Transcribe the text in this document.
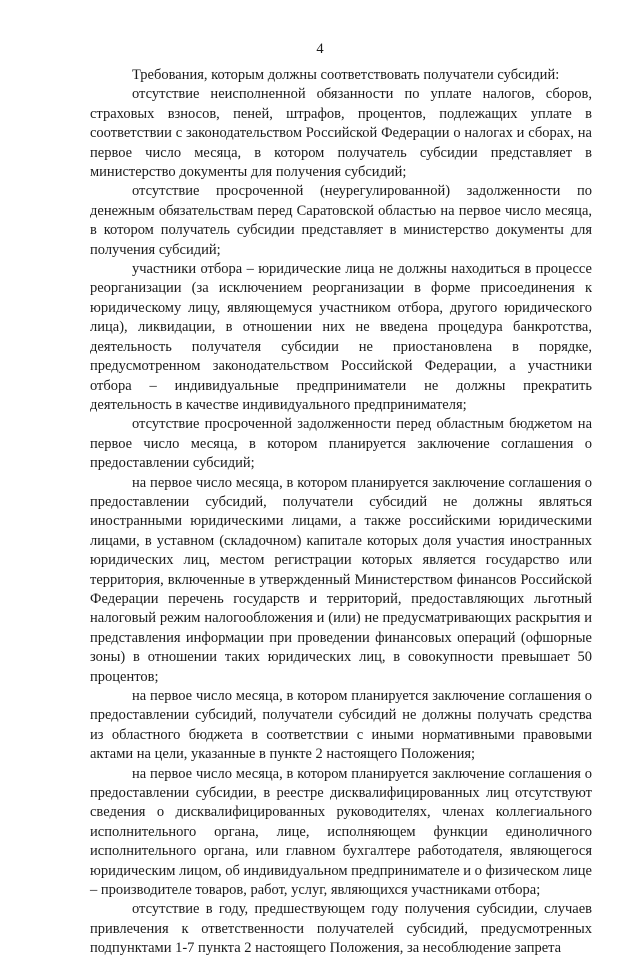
4

Требования, которым должны соответствовать получатели субсидий:

отсутствие неисполненной обязанности по уплате налогов, сборов, страховых взносов, пеней, штрафов, процентов, подлежащих уплате в соответствии с законодательством Российской Федерации о налогах и сборах, на первое число месяца, в котором получатель субсидии представляет в министерство документы для получения субсидий;

отсутствие просроченной (неурегулированной) задолженности по денежным обязательствам перед Саратовской областью на первое число месяца, в котором получатель субсидии представляет в министерство документы для получения субсидий;

участники отбора – юридические лица не должны находиться в процессе реорганизации (за исключением реорганизации в форме присоединения к юридическому лицу, являющемуся участником отбора, другого юридического лица), ликвидации, в отношении них не введена процедура банкротства, деятельность получателя субсидии не приостановлена в порядке, предусмотренном законодательством Российской Федерации, а участники отбора – индивидуальные предприниматели не должны прекратить деятельность в качестве индивидуального предпринимателя;

отсутствие просроченной задолженности перед областным бюджетом на первое число месяца, в котором планируется заключение соглашения о предоставлении субсидий;

на первое число месяца, в котором планируется заключение соглашения о предоставлении субсидий, получатели субсидий не должны являться иностранными юридическими лицами, а также российскими юридическими лицами, в уставном (складочном) капитале которых доля участия иностранных юридических лиц, местом регистрации которых является государство или территория, включенные в утвержденный Министерством финансов Российской Федерации перечень государств и территорий, предоставляющих льготный налоговый режим налогообложения и (или) не предусматривающих раскрытия и представления информации при проведении финансовых операций (офшорные зоны) в отношении таких юридических лиц, в совокупности превышает 50 процентов;

на первое число месяца, в котором планируется заключение соглашения о предоставлении субсидий, получатели субсидий не должны получать средства из областного бюджета в соответствии с иными нормативными правовыми актами на цели, указанные в пункте 2 настоящего Положения;

на первое число месяца, в котором планируется заключение соглашения о предоставлении субсидии, в реестре дисквалифицированных лиц отсутствуют сведения о дисквалифицированных руководителях, членах коллегиального исполнительного органа, лице, исполняющем функции единоличного исполнительного органа, или главном бухгалтере работодателя, являющегося юридическим лицом, об индивидуальном предпринимателе и о физическом лице – производителе товаров, работ, услуг, являющихся участниками отбора;

отсутствие в году, предшествующем году получения субсидии, случаев привлечения к ответственности получателей субсидий, предусмотренных подпунктами 1-7 пункта 2 настоящего Положения, за несоблюдение запрета
